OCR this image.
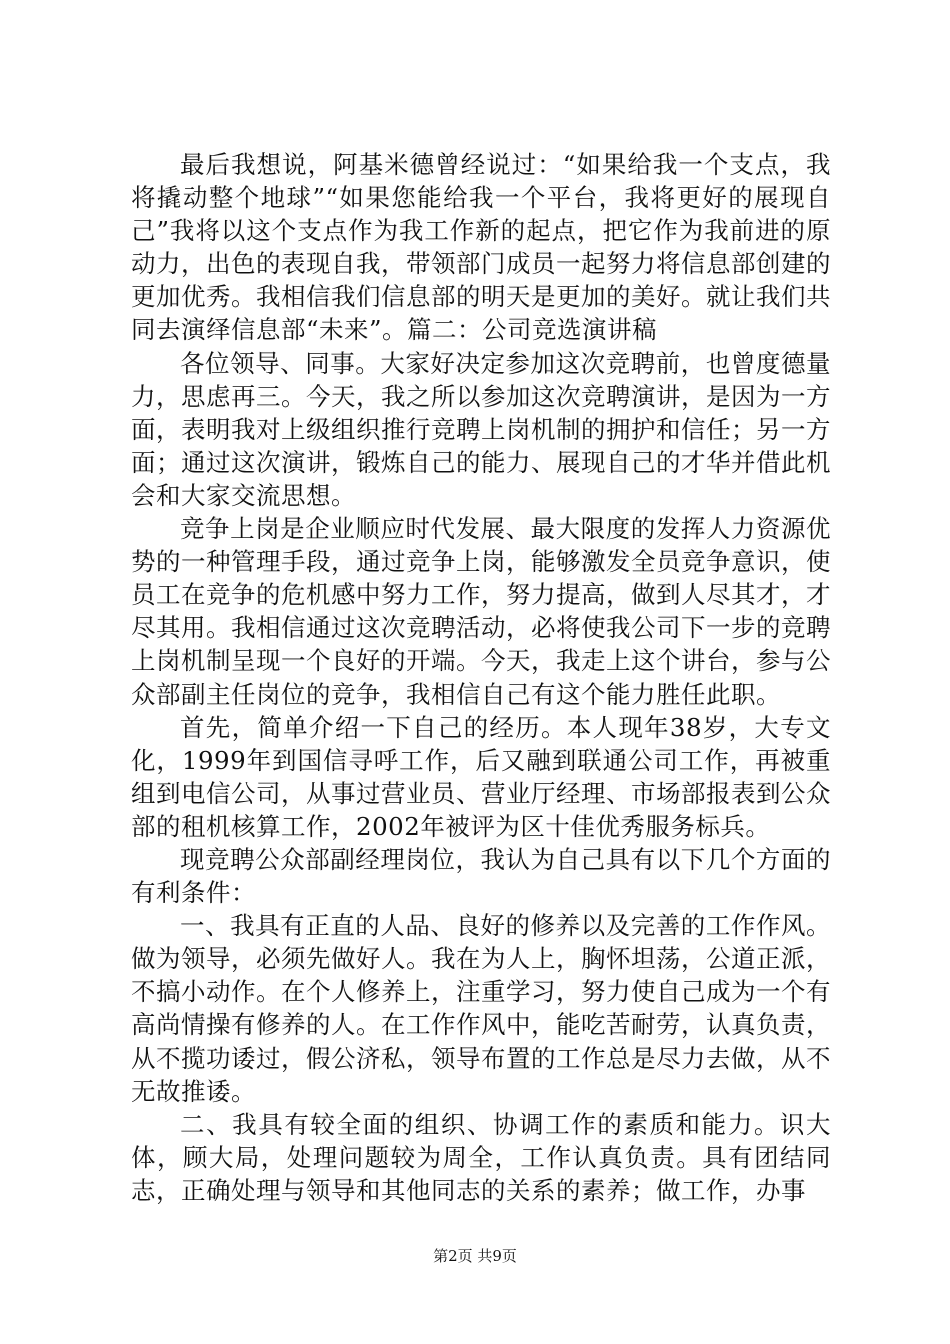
最后我想说，阿基米德曾经说过：“如果给我一个支点，我将撬动整个地球”“如果您能给我一个平台，我将更好的展现自己”我将以这个支点作为我工作新的起点，把它作为我前进的原动力，出色的表现自我，带领部门成员一起努力将信息部创建的更加优秀。我相信我们信息部的明天是更加的美好。就让我们共同去演绎信息部“未来”。篇二：公司竞选演讲稿

各位领导、同事。大家好决定参加这次竞聘前，也曾度德量力，思虑再三。今天，我之所以参加这次竞聘演讲，是因为一方面，表明我对上级组织推行竞聘上岗机制的拥护和信任；另一方面；通过这次演讲，锻炼自己的能力、展现自己的才华并借此机会和大家交流思想。

竞争上岗是企业顺应时代发展、最大限度的发挥人力资源优势的一种管理手段，通过竞争上岗，能够激发全员竞争意识，使员工在竞争的危机感中努力工作，努力提高，做到人尽其才，才尽其用。我相信通过这次竞聘活动，必将使我公司下一步的竞聘上岗机制呈现一个良好的开端。今天，我走上这个讲台，参与公众部副主任岗位的竞争，我相信自己有这个能力胜任此职。

首先，简单介绍一下自己的经历。本人现年38岁，大专文化，1999年到国信寻呼工作，后又融到联通公司工作，再被重组到电信公司，从事过营业员、营业厅经理、市场部报表到公众部的租机核算工作，2002年被评为区十佳优秀服务标兵。

现竞聘公众部副经理岗位，我认为自己具有以下几个方面的有利条件：

一、我具有正直的人品、良好的修养以及完善的工作作风。做为领导，必须先做好人。我在为人上，胸怀坦荡，公道正派，不搞小动作。在个人修养上，注重学习，努力使自己成为一个有高尚情操有修养的人。在工作作风中，能吃苦耐劳，认真负责，从不揽功诿过，假公济私，领导布置的工作总是尽力去做，从不无故推诿。

二、我具有较全面的组织、协调工作的素质和能力。识大体，顾大局，处理问题较为周全，工作认真负责。具有团结同志，正确处理与领导和其他同志的关系的素养；做工作，办事

第2页 共9页
